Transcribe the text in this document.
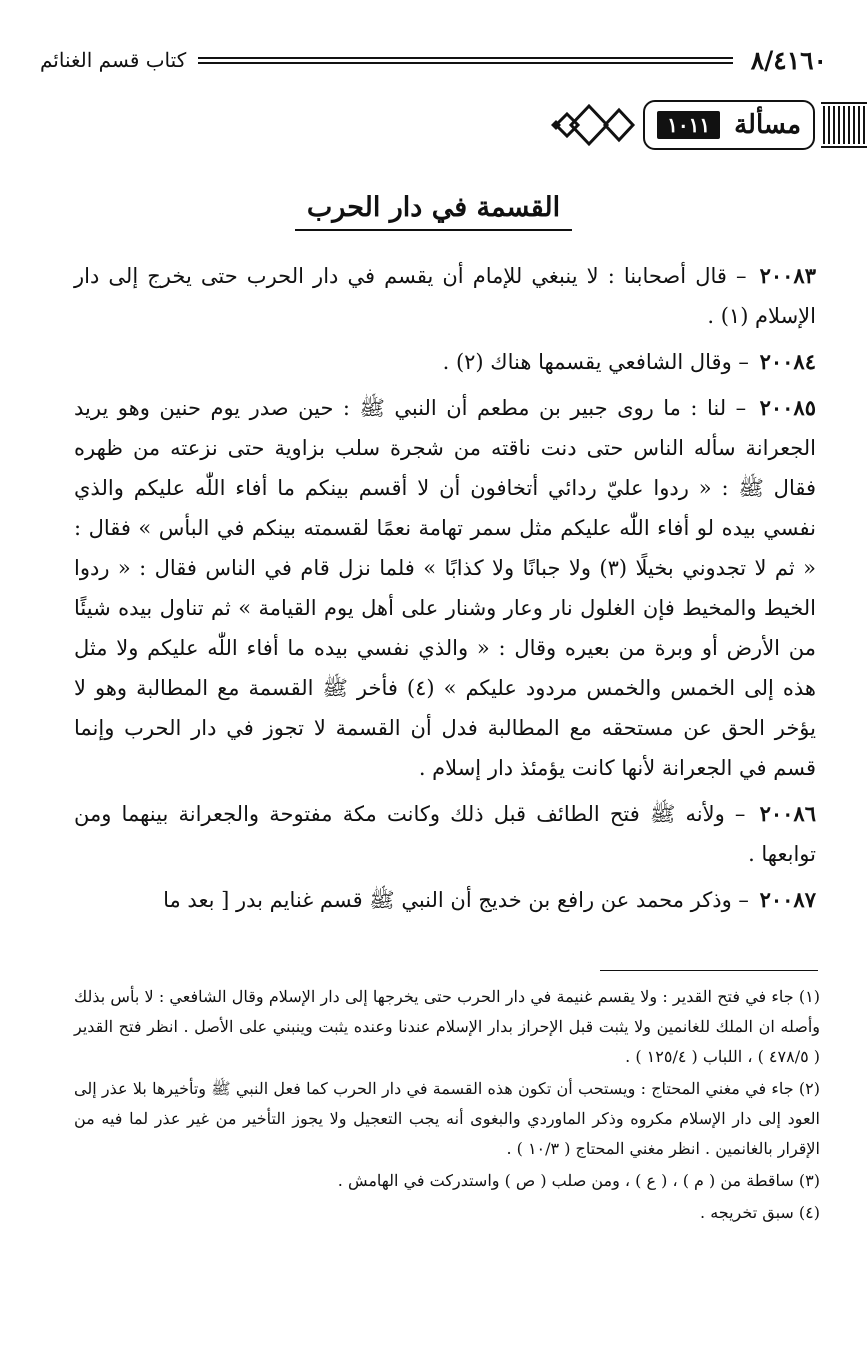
٨/٤١٦٠
كتاب قسم الغنائم
مسألة
١٠١١
القسمة في دار الحرب

٢٠٠٨٣ – قال أصحابنا : لا ينبغي للإمام أن يقسم في دار الحرب حتى يخرج إلى دار الإسلام (١) .

٢٠٠٨٤ – وقال الشافعي يقسمها هناك (٢) .

٢٠٠٨٥ – لنا : ما روى جبير بن مطعم أن النبي ﷺ : حين صدر يوم حنين وهو يريد الجعرانة سأله الناس حتى دنت ناقته من شجرة سلب بزاوية حتى نزعته من ظهره فقال ﷺ : « ردوا عليّ ردائي أتخافون أن لا أقسم بينكم ما أفاء اللّٰه عليكم والذي نفسي بيده لو أفاء اللّٰه عليكم مثل سمر تهامة نعمًا لقسمته بينكم في البأس » فقال : « ثم لا تجدوني بخيلًا (٣) ولا جبانًا ولا كذابًا » فلما نزل قام في الناس فقال : « ردوا الخيط والمخيط فإن الغلول نار وعار وشنار على أهل يوم القيامة » ثم تناول بيده شيئًا من الأرض أو وبرة من بعيره وقال : « والذي نفسي بيده ما أفاء اللّٰه عليكم ولا مثل هذه إلى الخمس والخمس مردود عليكم » (٤) فأخر ﷺ القسمة مع المطالبة وهو لا يؤخر الحق عن مستحقه مع المطالبة فدل أن القسمة لا تجوز في دار الحرب وإنما قسم في الجعرانة لأنها كانت يؤمئذ دار إسلام .

٢٠٠٨٦ – ولأنه ﷺ فتح الطائف قبل ذلك وكانت مكة مفتوحة والجعرانة بينهما ومن توابعها .

٢٠٠٨٧ – وذكر محمد عن رافع بن خديج أن النبي ﷺ قسم غنايم بدر [ بعد ما

(١) جاء في فتح القدير : ولا يقسم غنيمة في دار الحرب حتى يخرجها إلى دار الإسلام وقال الشافعي : لا بأس بذلك وأصله ان الملك للغانمين ولا يثبت قبل الإحراز بدار الإسلام عندنا وعنده يثبت وينبني على الأصل . انظر فتح القدير ( ٤٧٨/٥ ) ، اللباب ( ١٢٥/٤ ) .

(٢) جاء في مغني المحتاج : ويستحب أن تكون هذه القسمة في دار الحرب كما فعل النبي ﷺ وتأخيرها بلا عذر إلى العود إلى دار الإسلام مكروه وذكر الماوردي والبغوى أنه يجب التعجيل ولا يجوز التأخير من غير عذر لما فيه من الإقرار بالغانمين . انظر مغني المحتاج ( ١٠/٣ ) .

(٣) ساقطة من ( م ) ، ( ع ) ، ومن صلب ( ص ) واستدركت في الهامش .

(٤) سبق تخريجه .
